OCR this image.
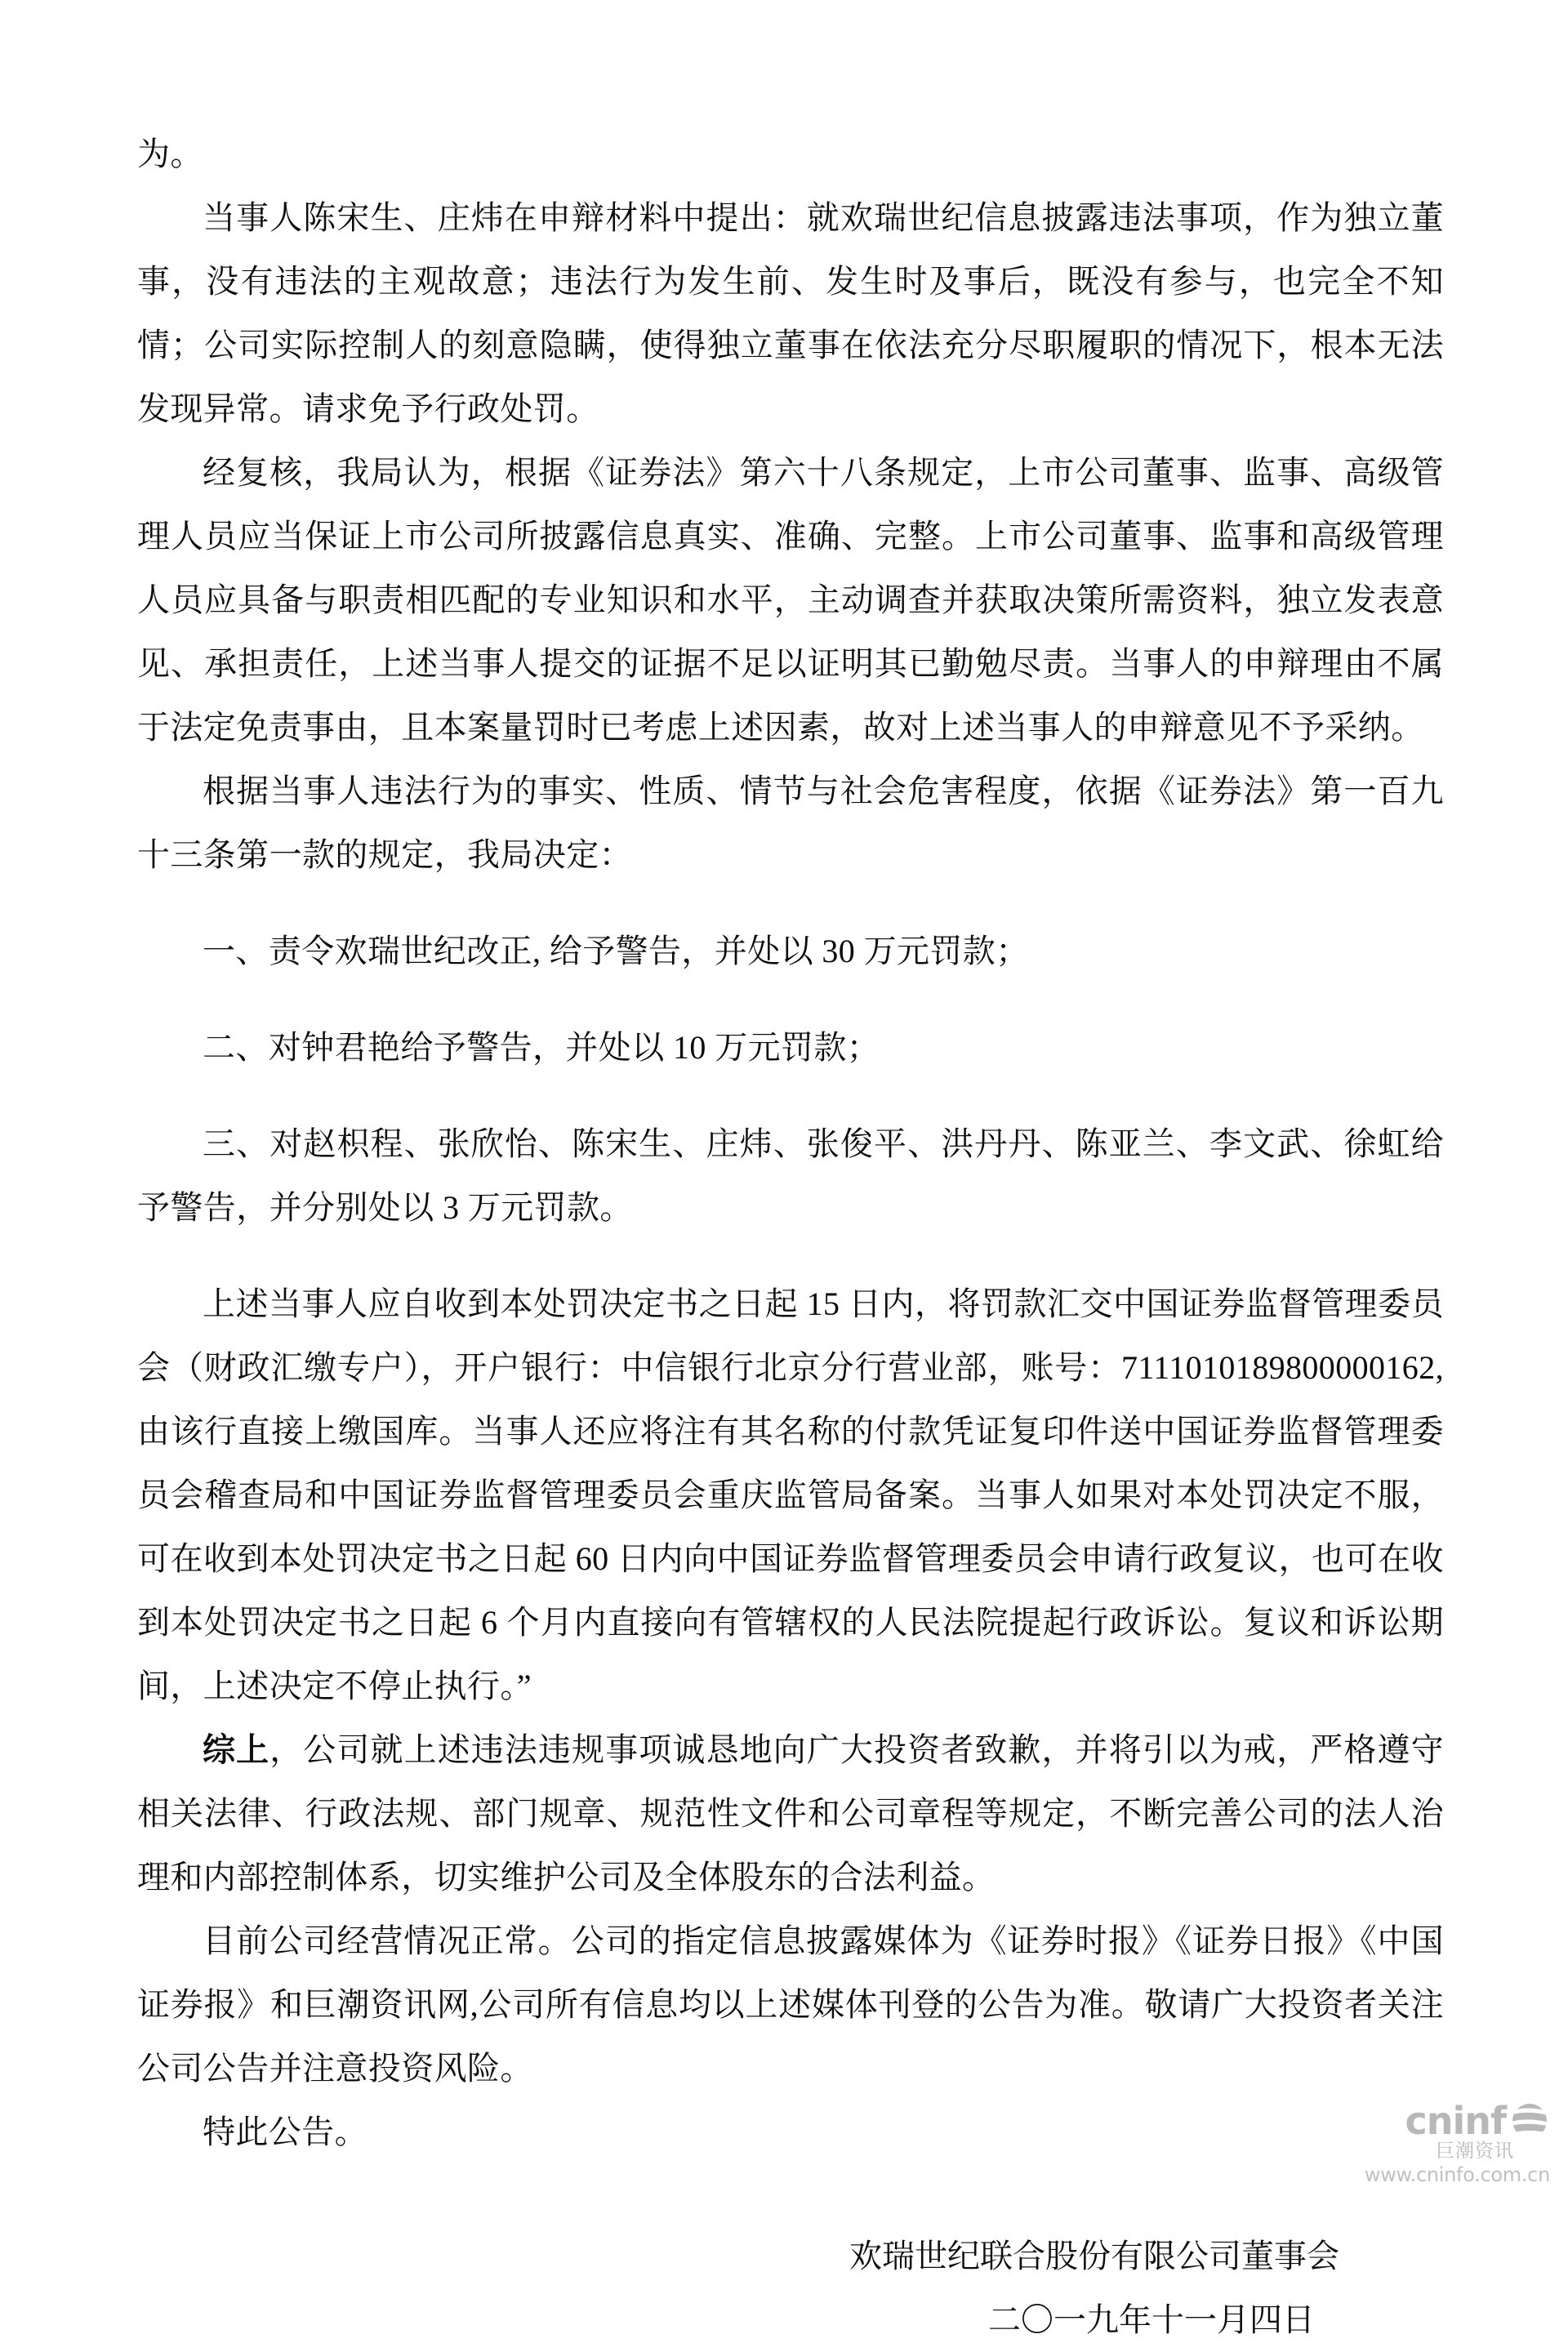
为。

当事人陈宋生、庄炜在申辩材料中提出：就欢瑞世纪信息披露违法事项，作为独立董事，没有违法的主观故意；违法行为发生前、发生时及事后，既没有参与，也完全不知情；公司实际控制人的刻意隐瞒，使得独立董事在依法充分尽职履职的情况下，根本无法发现异常。请求免予行政处罚。

经复核，我局认为，根据《证券法》第六十八条规定，上市公司董事、监事、高级管理人员应当保证上市公司所披露信息真实、准确、完整。上市公司董事、监事和高级管理人员应具备与职责相匹配的专业知识和水平，主动调查并获取决策所需资料，独立发表意见、承担责任，上述当事人提交的证据不足以证明其已勤勉尽责。当事人的申辩理由不属于法定免责事由，且本案量罚时已考虑上述因素，故对上述当事人的申辩意见不予采纳。

根据当事人违法行为的事实、性质、情节与社会危害程度，依据《证券法》第一百九十三条第一款的规定，我局决定：

一、责令欢瑞世纪改正, 给予警告，并处以 30 万元罚款；

二、对钟君艳给予警告，并处以 10 万元罚款；

三、对赵枳程、张欣怡、陈宋生、庄炜、张俊平、洪丹丹、陈亚兰、李文武、徐虹给予警告，并分别处以 3 万元罚款。

上述当事人应自收到本处罚决定书之日起 15 日内，将罚款汇交中国证券监督管理委员会（财政汇缴专户），开户银行：中信银行北京分行营业部，账号：7111010189800000162,由该行直接上缴国库。当事人还应将注有其名称的付款凭证复印件送中国证券监督管理委员会稽查局和中国证券监督管理委员会重庆监管局备案。当事人如果对本处罚决定不服，可在收到本处罚决定书之日起 60 日内向中国证券监督管理委员会申请行政复议，也可在收到本处罚决定书之日起 6 个月内直接向有管辖权的人民法院提起行政诉讼。复议和诉讼期间，上述决定不停止执行。”

综上，公司就上述违法违规事项诚恳地向广大投资者致歉，并将引以为戒，严格遵守相关法律、行政法规、部门规章、规范性文件和公司章程等规定，不断完善公司的法人治理和内部控制体系，切实维护公司及全体股东的合法利益。

目前公司经营情况正常。公司的指定信息披露媒体为《证券时报》《证券日报》《中国证券报》和巨潮资讯网,公司所有信息均以上述媒体刊登的公告为准。敬请广大投资者关注公司公告并注意投资风险。

特此公告。

欢瑞世纪联合股份有限公司董事会
二〇一九年十一月四日
cninf
巨潮资讯
www.cninfo.com.cn
